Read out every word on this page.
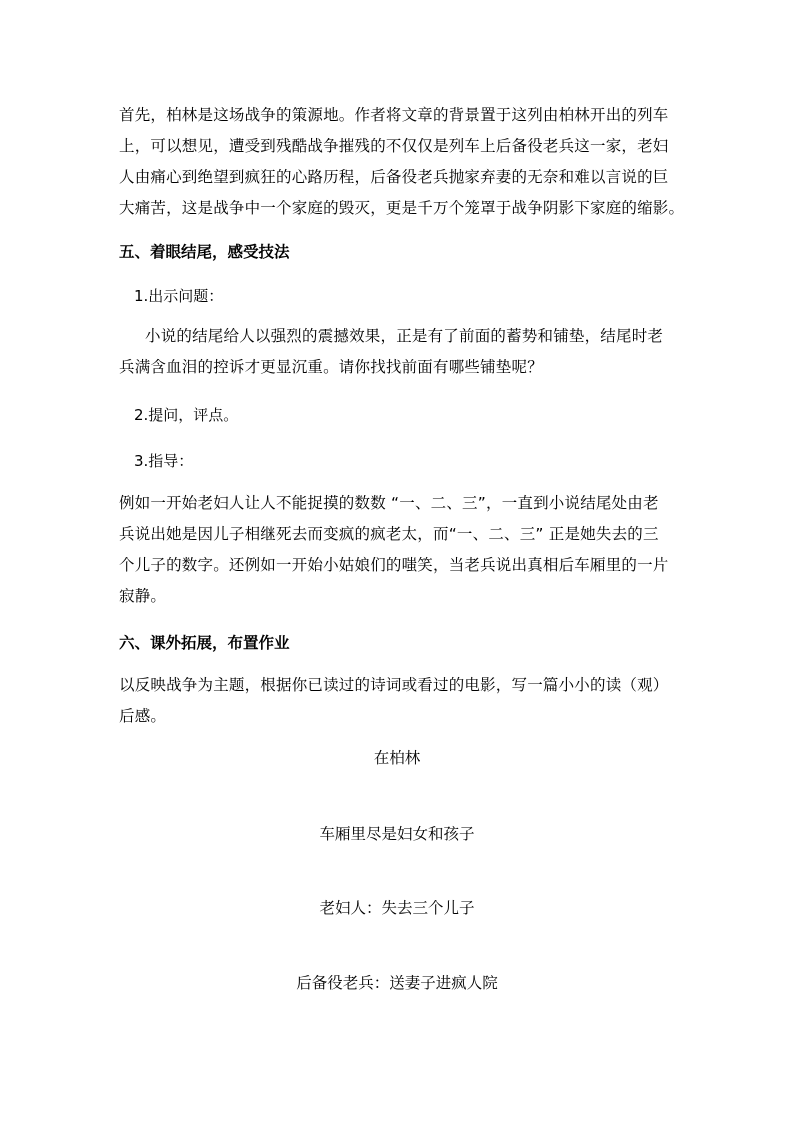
首先，柏林是这场战争的策源地。作者将文章的背景置于这列由柏林开出的列车
上，可以想见，遭受到残酷战争摧残的不仅仅是列车上后备役老兵这一家，老妇
人由痛心到绝望到疯狂的心路历程，后备役老兵抛家弃妻的无奈和难以言说的巨
大痛苦，这是战争中一个家庭的毁灭，更是千万个笼罩于战争阴影下家庭的缩影。
五、着眼结尾，感受技法
1.出示问题：
小说的结尾给人以强烈的震撼效果，正是有了前面的蓄势和铺垫，结尾时老
兵满含血泪的控诉才更显沉重。请你找找前面有哪些铺垫呢？
2.提问，评点。
3.指导：
例如一开始老妇人让人不能捉摸的数数 “一、二、三”，一直到小说结尾处由老
兵说出她是因儿子相继死去而变疯的疯老太，而“一、二、三” 正是她失去的三
个儿子的数字。还例如一开始小姑娘们的嗤笑，当老兵说出真相后车厢里的一片
寂静。
六、课外拓展，布置作业
以反映战争为主题，根据你已读过的诗词或看过的电影，写一篇小小的读（观）
后感。
在柏林
车厢里尽是妇女和孩子
老妇人：失去三个儿子
后备役老兵：送妻子进疯人院
